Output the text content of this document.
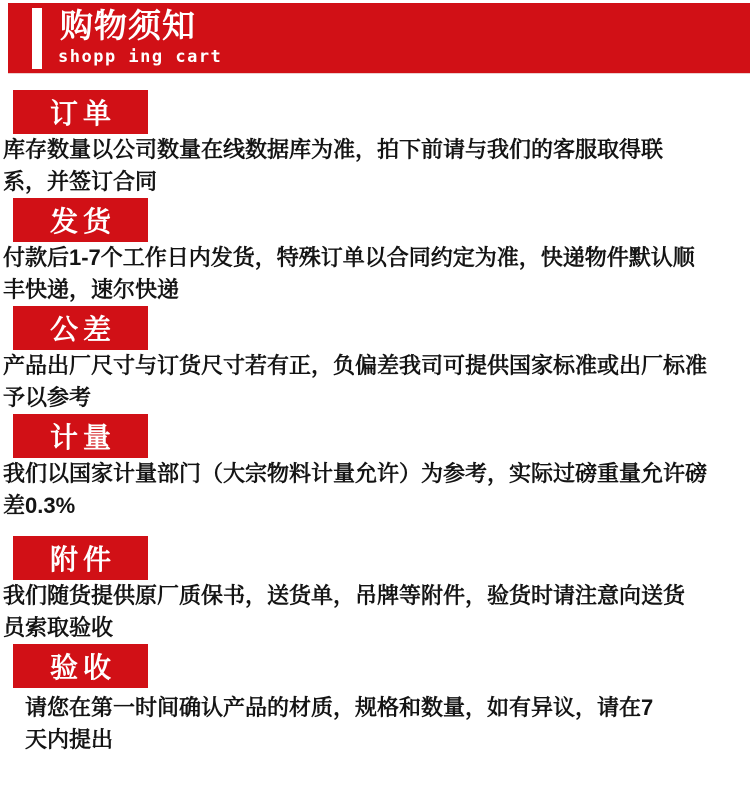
购物须知
shopp ing cart
订单
库存数量以公司数量在线数据库为准，拍下前请与我们的客服取得联
系，并签订合同
发货
付款后1-7个工作日内发货，特殊订单以合同约定为准，快递物件默认顺
丰快递，速尔快递
公差
产品出厂尺寸与订货尺寸若有正，负偏差我司可提供国家标准或出厂标准
予以参考
计量
我们以国家计量部门（大宗物料计量允许）为参考，实际过磅重量允许磅
差0.3%
附件
我们随货提供原厂质保书，送货单，吊牌等附件，验货时请注意向送货
员索取验收
验收
请您在第一时间确认产品的材质，规格和数量，如有异议，请在7
天内提出
